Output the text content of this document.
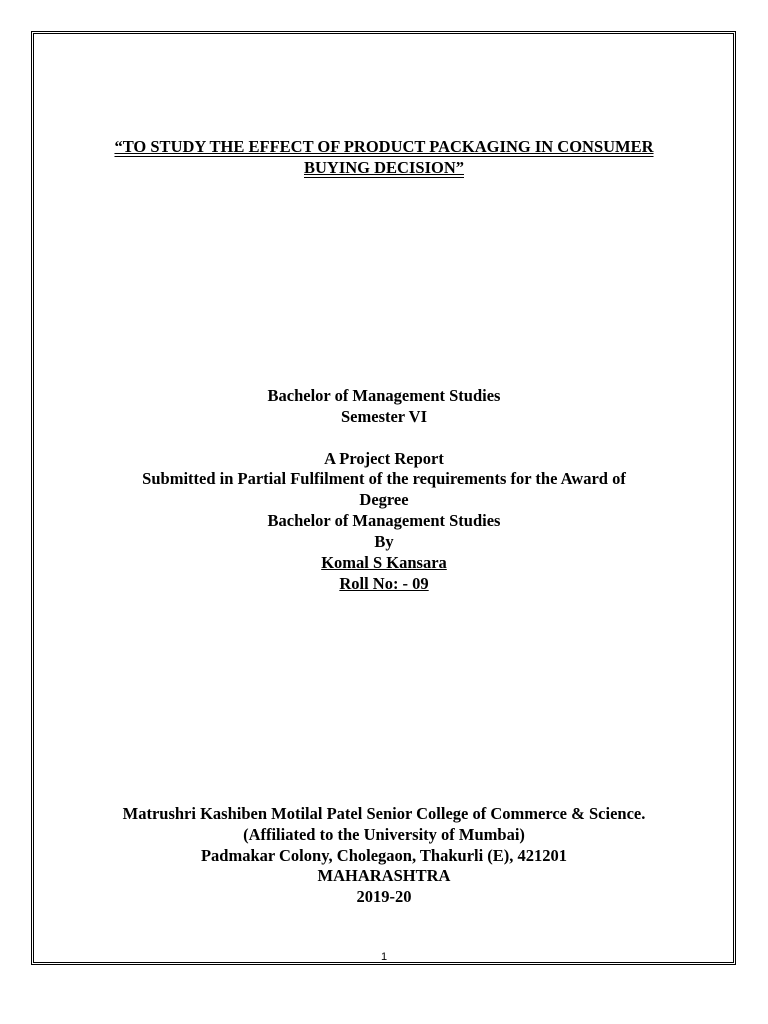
“TO STUDY THE EFFECT OF PRODUCT PACKAGING IN CONSUMER
BUYING DECISION”
Bachelor of Management Studies
Semester VI
A Project Report
Submitted in Partial Fulfilment of the requirements for the Award of
Degree
Bachelor of Management Studies
By
Komal S Kansara
Roll No: - 09
Matrushri Kashiben Motilal Patel Senior College of Commerce & Science.
(Affiliated to the University of Mumbai)
Padmakar Colony, Cholegaon, Thakurli (E), 421201
MAHARASHTRA
2019-20
1
